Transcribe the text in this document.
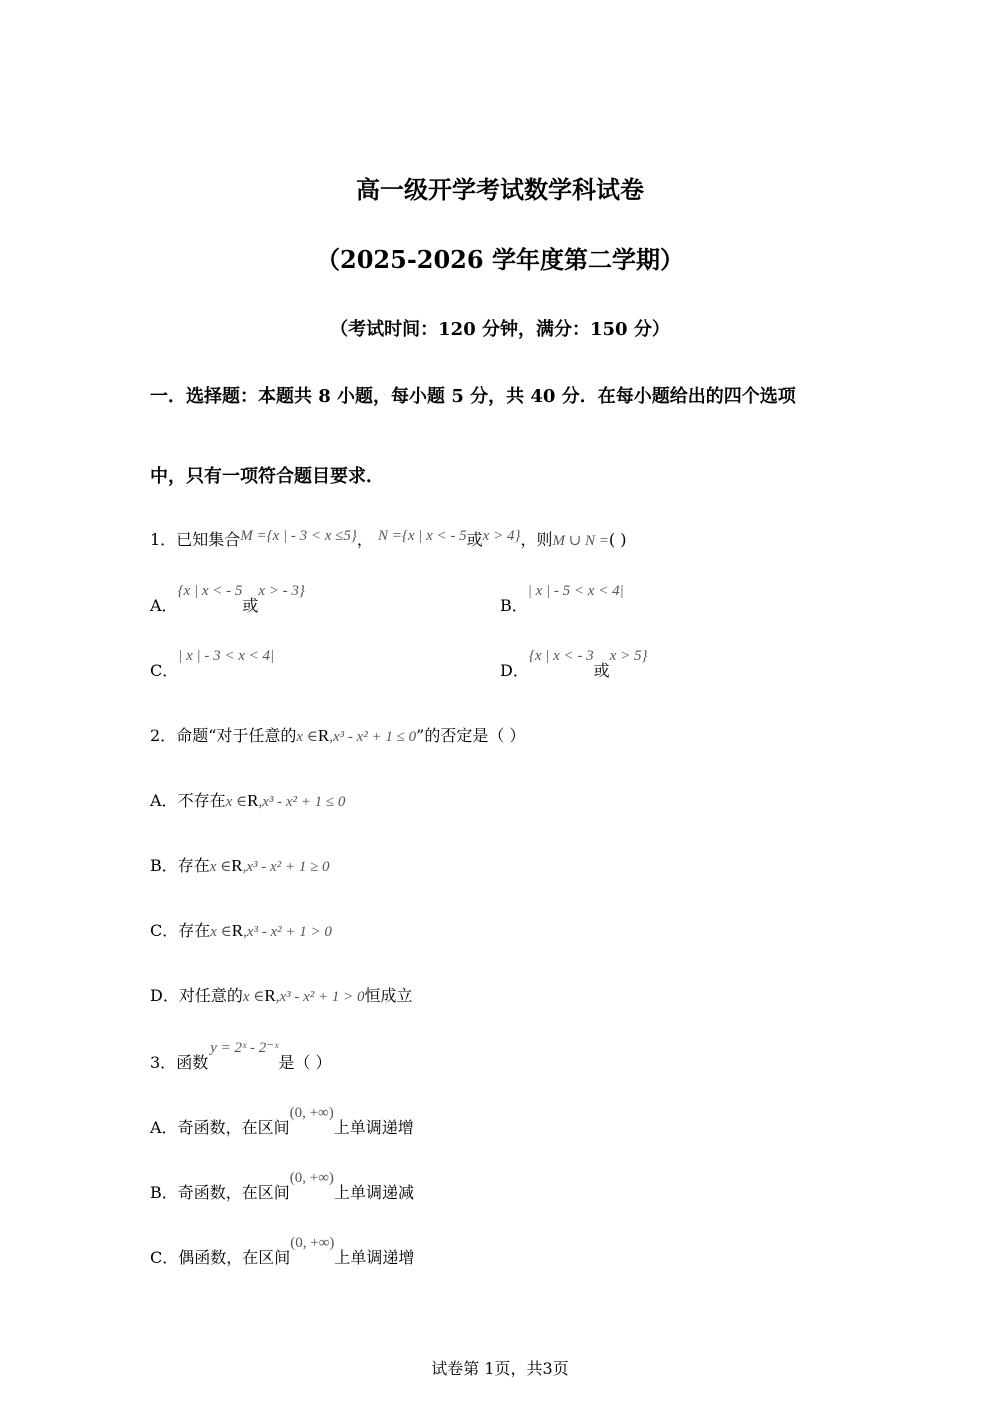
高一级开学考试数学科试卷
（2025-2026 学年度第二学期）
（考试时间：120 分钟，满分：150 分）
一．选择题：本题共 8 小题，每小题 5 分，共 40 分．在每小题给出的四个选项
中，只有一项符合题目要求．
1．已知集合M ={x | - 3 < x ≤5}， N ={x | x < - 5或x > 4}，则M ∪ N =( )
A．{x | x < - 5或x > - 3}
B．| x | - 5 < x < 4|
C．| x | - 3 < x < 4|
D．{x | x < - 3或x > 5}
2．命题“对于任意的x ∈R,x³ - x² + 1 ≤ 0”的否定是（ ）
A．不存在x ∈R,x³ - x² + 1 ≤ 0
B．存在x ∈R,x³ - x² + 1 ≥ 0
C．存在x ∈R,x³ - x² + 1 > 0
D．对任意的x ∈R,x³ - x² + 1 > 0恒成立
3．函数y = 2ˣ - 2⁻ˣ是（ ）
A．奇函数，在区间(0, +∞)上单调递增
B．奇函数，在区间(0, +∞)上单调递减
C．偶函数，在区间(0, +∞)上单调递增
试卷第 1页，共3页
